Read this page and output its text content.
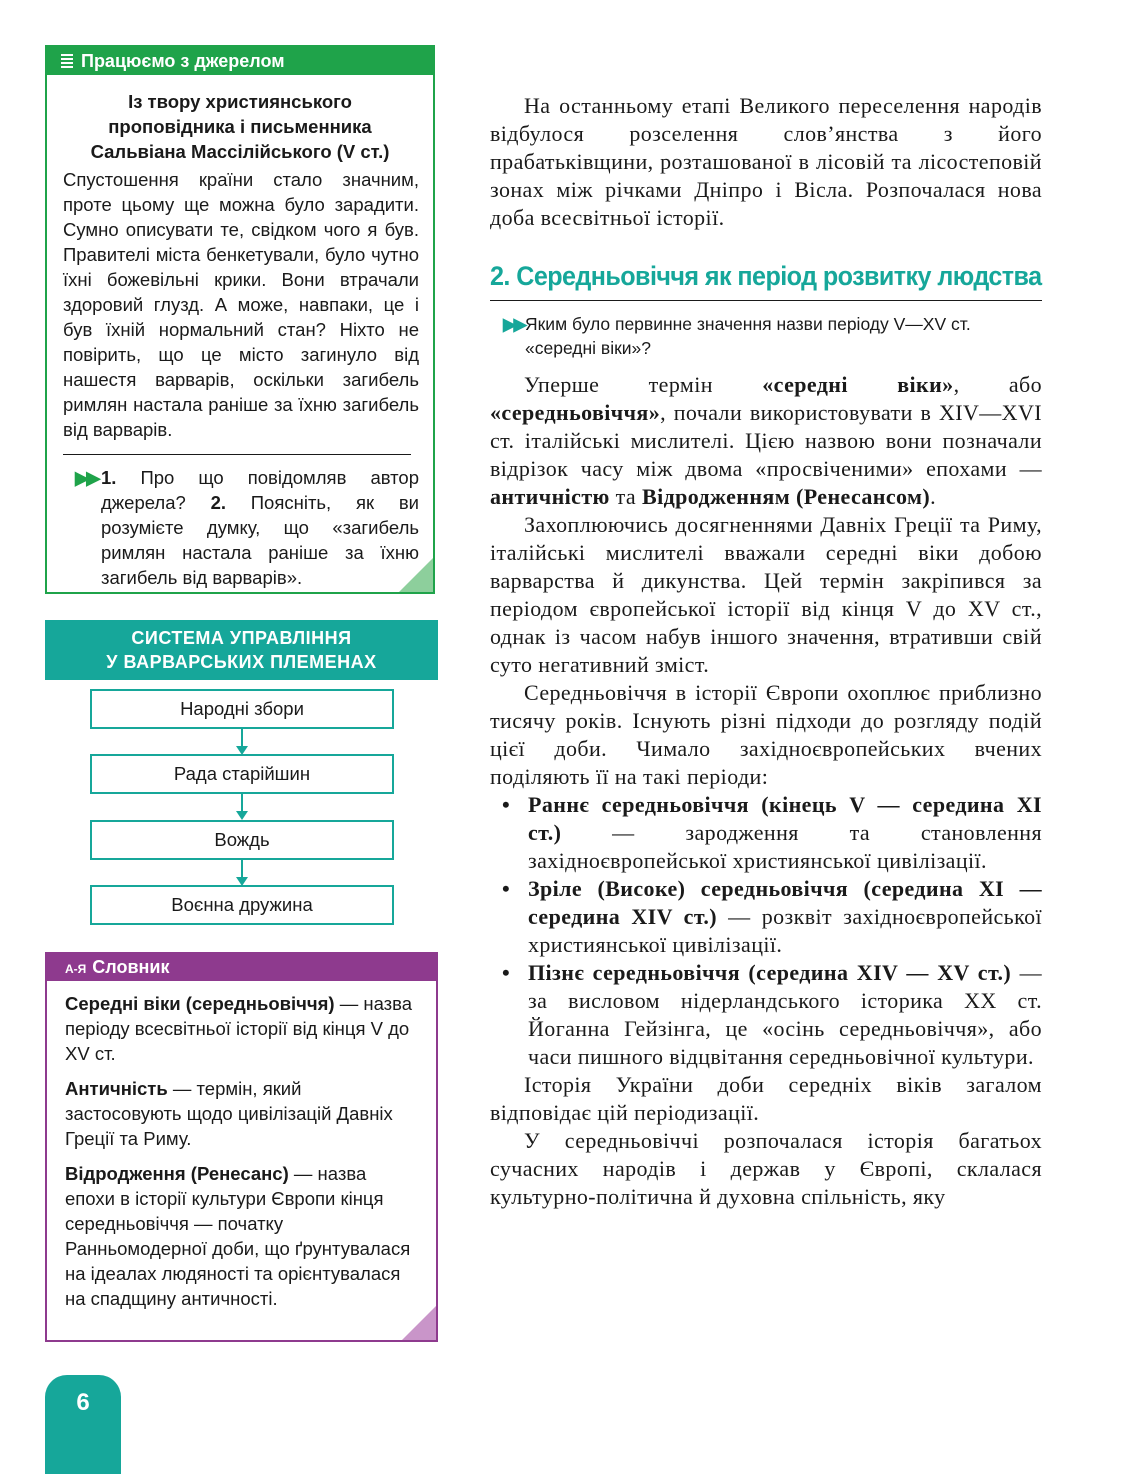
Працюємо з джерелом
Із твору християнського
проповідника і письменника
Сальвіана Массілійського (V ст.)

Спустошення країни стало значним, проте цьому ще можна було зарадити. Сумно описувати те, свідком чого я був. Правителі міста бенкетували, було чутно їхні божевільні крики. Вони втрачали здоровий глузд. А може, навпаки, це і був їхній нормальний стан? Ніхто не повірить, що це місто загинуло від нашестя варварів, оскільки загибель римлян настала раніше за їхню загибель від варварів.

▶▶ 1. Про що повідомляв автор джерела? 2. Поясніть, як ви розумієте думку, що «загибель римлян настала раніше за їхню загибель від варварів».
СИСТЕМА УПРАВЛІННЯ
У ВАРВАРСЬКИХ ПЛЕМЕНАХ
Народні збори
Рада старійшин
Вождь
Воєнна дружина
А-Я Словник
Середні віки (середньовіччя) — назва періоду всесвітньої історії від кінця V до XV ст.
Античність — термін, який застосовують щодо цивілізацій Давніх Греції та Риму.
Відродження (Ренесанс) — назва епохи в історії культури Європи кінця середньовіччя — початку Ранньомодерної доби, що ґрунтувалася на ідеалах людяності та орієнтувалася на спадщину античності.
6

На останньому етапі Великого переселення народів відбулося розселення слов’янства з його прабатьківщини, розташованої в лісовій та лісостеповій зонах між річками Дніпро і Вісла. Розпочалася нова доба всесвітньої історії.

2. Середньовіччя як період розвитку людства
▶▶ Яким було первинне значення назви періоду V—XV ст. «середні віки»?

Уперше термін «середні віки», або «середньовіччя», почали використовувати в XIV—XVI ст. італійські мислителі. Цією назвою вони позначали відрізок часу між двома «просвіченими» епохами — античністю та Відродженням (Ренесансом).

Захоплюючись досягненнями Давніх Греції та Риму, італійські мислителі вважали середні віки добою варварства й дикунства. Цей термін закріпився за періодом європейської історії від кінця V до XV ст., однак із часом набув іншого значення, втративши свій суто негативний зміст.

Середньовіччя в історії Європи охоплює приблизно тисячу років. Існують різні підходи до розгляду подій цієї доби. Чимало західноєвропейських вчених поділяють її на такі періоди:

• Раннє середньовіччя (кінець V — середина XI ст.) — зародження та становлення західноєвропейської християнської цивілізації.
• Зріле (Високе) середньовіччя (середина XI — середина XIV ст.) — розквіт західноєвропейської християнської цивілізації.
• Пізнє середньовіччя (середина XIV — XV ст.) — за висловом нідерландського історика XX ст. Йоганна Гейзінга, це «осінь середньовіччя», або часи пишного відцвітання середньовічної культури.

Історія України доби середніх віків загалом відповідає цій періодизації.

У середньовіччі розпочалася історія багатьох сучасних народів і держав у Європі, склалася культурно-політична й духовна спільність, яку
